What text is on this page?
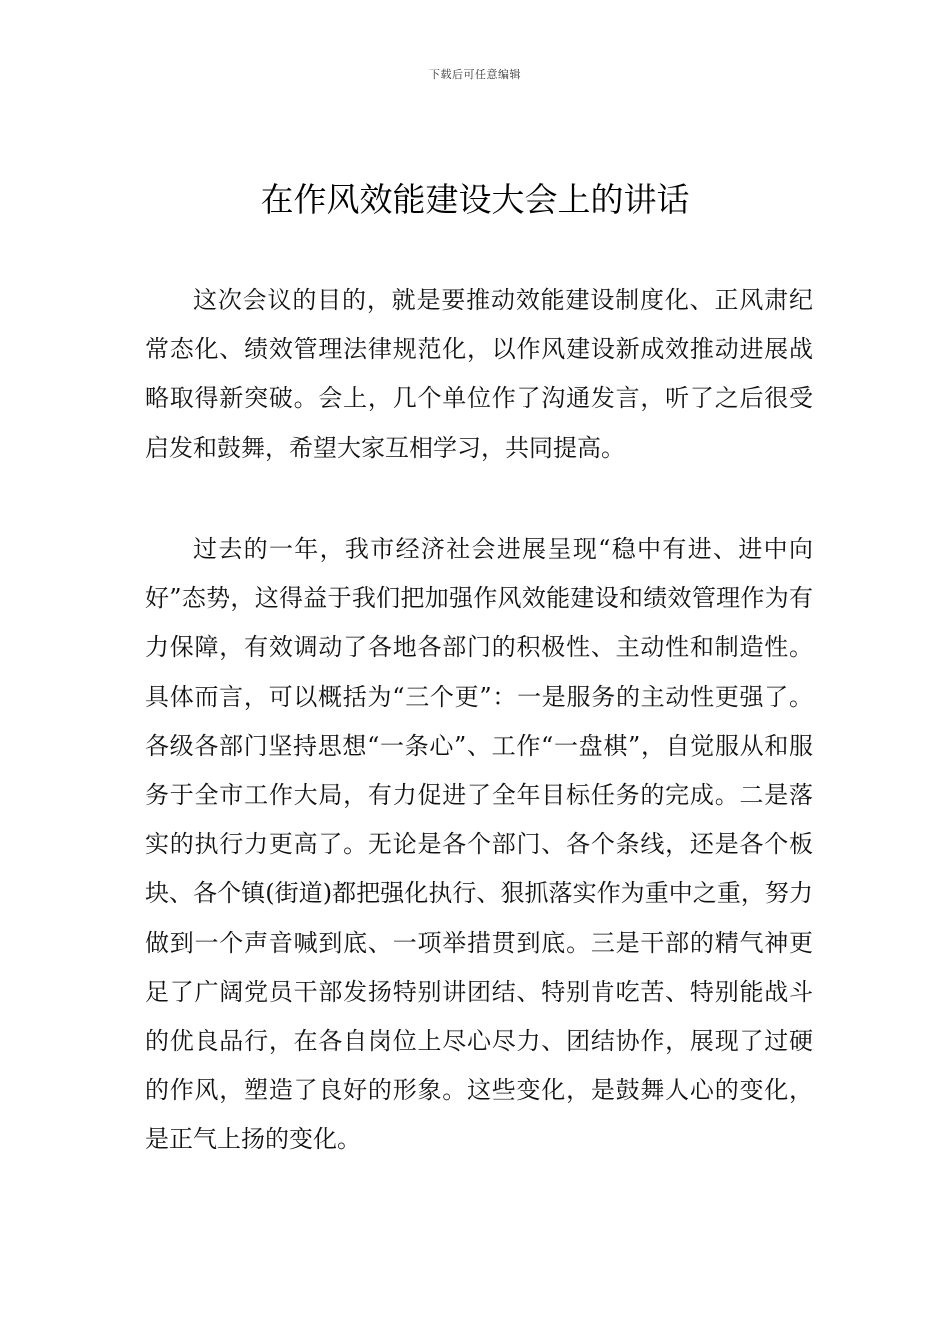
下载后可任意编辑
在作风效能建设大会上的讲话

这次会议的目的，就是要推动效能建设制度化、正风肃纪常态化、绩效管理法律规范化，以作风建设新成效推动进展战略取得新突破。会上，几个单位作了沟通发言，听了之后很受启发和鼓舞，希望大家互相学习，共同提高。

过去的一年，我市经济社会进展呈现“稳中有进、进中向好”态势，这得益于我们把加强作风效能建设和绩效管理作为有力保障，有效调动了各地各部门的积极性、主动性和制造性。具体而言，可以概括为“三个更”：一是服务的主动性更强了。各级各部门坚持思想“一条心”、工作“一盘棋”，自觉服从和服务于全市工作大局，有力促进了全年目标任务的完成。二是落实的执行力更高了。无论是各个部门、各个条线，还是各个板块、各个镇(街道)都把强化执行、狠抓落实作为重中之重，努力做到一个声音喊到底、一项举措贯到底。三是干部的精气神更足了广阔党员干部发扬特别讲团结、特别肯吃苦、特别能战斗的优良品行，在各自岗位上尽心尽力、团结协作，展现了过硬的作风，塑造了良好的形象。这些变化，是鼓舞人心的变化，是正气上扬的变化。
